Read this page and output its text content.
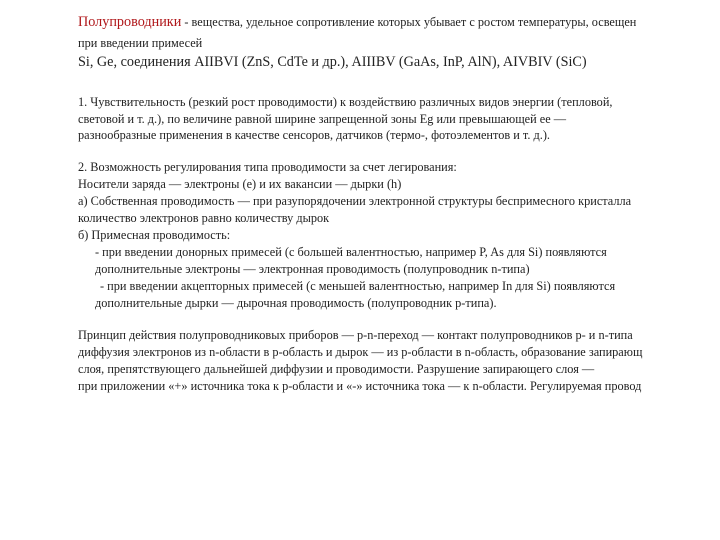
Полупроводники - вещества, удельное сопротивление которых убывает с ростом температуры, освещен
при введении примесей
Si, Ge, соединения AIIBVI (ZnS, CdTe и др.), AIIIBV (GaAs, InP, AlN), AIVBIV (SiC)
1. Чувствительность (резкий рост проводимости) к воздействию различных видов энергии (тепловой,
световой и т. д.), по величине равной ширине запрещенной зоны Eg или превышающей ее —
разнообразные применения в качестве сенсоров, датчиков (термо-, фотоэлементов и т. д.).
2. Возможность регулирования типа проводимости за счет легирования:
Носители заряда — электроны (e) и их вакансии — дырки (h)
а) Собственная проводимость — при разупорядочении электронной структуры беспримесного кристалла
количество электронов равно количеству дырок
б) Примесная проводимость:
- при введении донорных примесей (с большей валентностью, например P, As для Si) появляются
дополнительные электроны — электронная проводимость (полупроводник n-типа)
- при введении акцепторных примесей (с меньшей валентностью, например In для Si) появляются
дополнительные дырки — дырочная проводимость (полупроводник p-типа).
Принцип действия полупроводниковых приборов — p-n-переход — контакт полупроводников p- и n-типа
диффузия электронов из n-области в p-область и дырок — из p-области в n-область, образование запирающ
слоя, препятствующего дальнейшей диффузии и проводимости. Разрушение запирающего слоя —
при приложении «+» источника тока к p-области и «-» источника тока — к n-области. Регулируемая провод
